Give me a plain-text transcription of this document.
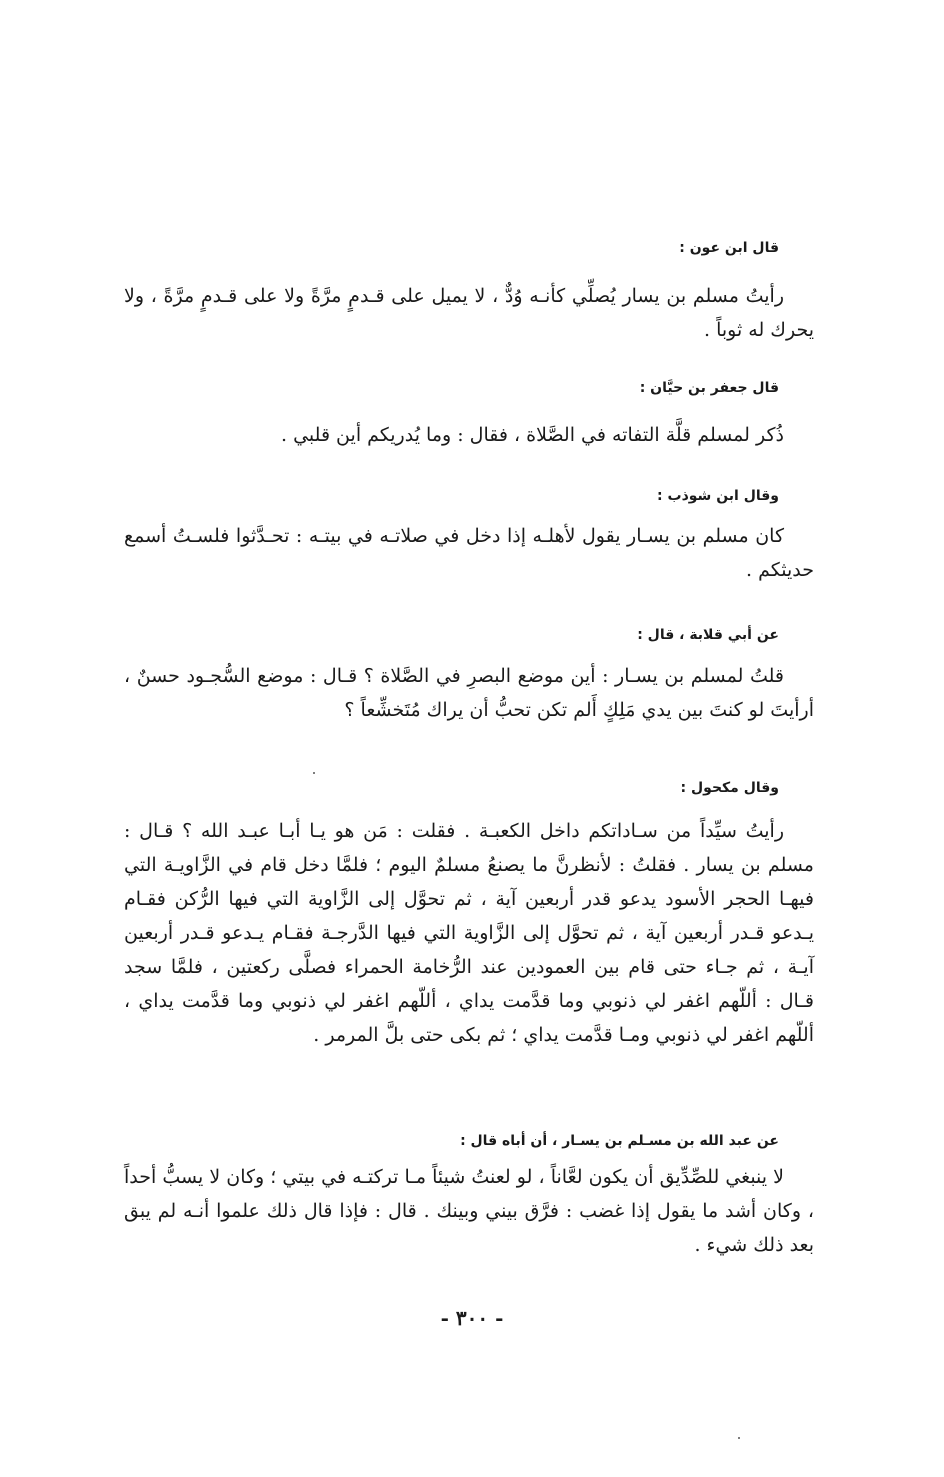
قال ابن عون :
رأيتُ مسلم بن يسار يُصلِّي كأنـه وُدٌّ ، لا يميل على قـدمٍ مرَّةً ولا على قـدمٍ مرَّةً ، ولا يحرك له ثوباً .
قال جعفر بن حيَّان :
ذُكر لمسلم قلَّة التفاته في الصَّلاة ، فقال : وما يُدريكم أين قلبي .
وقال ابن شوذب :
كان مسلم بن يسـار يقول لأهلـه إذا دخل في صلاتـه في بيتـه : تحـدَّثوا فلسـتُ أسمع حديثكم .
عن أبي قلابة ، قال :
قلتُ لمسلم بن يسـار : أين موضع البصرِ في الصَّلاة ؟ قـال : موضع السُّجـود حسنٌ ، أرأيتَ لو كنتَ بين يدي مَلِكٍ أَلم تكن تحبُّ أن يراك مُتَخشِّعاً ؟
وقال مكحول :
رأيتُ سيِّداً من سـاداتكم داخل الكعبـة . فقلت : مَن هو يـا أبـا عبـد الله ؟ قـال : مسلم بن يسار . فقلتُ : لأنظرنَّ ما يصنعُ مسلمٌ اليوم ؛ فلمَّا دخل قام في الزَّاويـة التي فيهـا الحجر الأسود يدعو قدر أربعين آية ، ثم تحوَّل إلى الزَّاوية التي فيها الرُّكن فقـام يـدعو قـدر أربعين آية ، ثم تحوَّل إلى الزَّاوية التي فيها الدَّرجـة فقـام يـدعو قـدر أربعين آيـة ، ثم جـاء حتى قام بين العمودين عند الرُّخامة الحمراء فصلَّى ركعتين ، فلمَّا سجد قـال : أللّهم اغفر لي ذنوبي وما قدَّمت يداي ، أللّهم اغفر لي ذنوبي وما قدَّمت يداي ، أللّهم اغفر لي ذنوبي ومـا قدَّمت يداي ؛ ثم بكى حتى بلَّ المرمر .
عن عبد الله بن مسـلم بن يسـار ، أن أباه قال :
لا ينبغي للصِّدِّيق أن يكون لعَّاناً ، لو لعنتُ شيئاً مـا تركتـه في بيتي ؛ وكان لا يسبُّ أحداً ، وكان أشد ما يقول إذا غضب : فرَّق بيني وبينك . قال : فإذا قال ذلك علموا أنـه لم يبق بعد ذلك شيء .
- ٣٠٠ -
